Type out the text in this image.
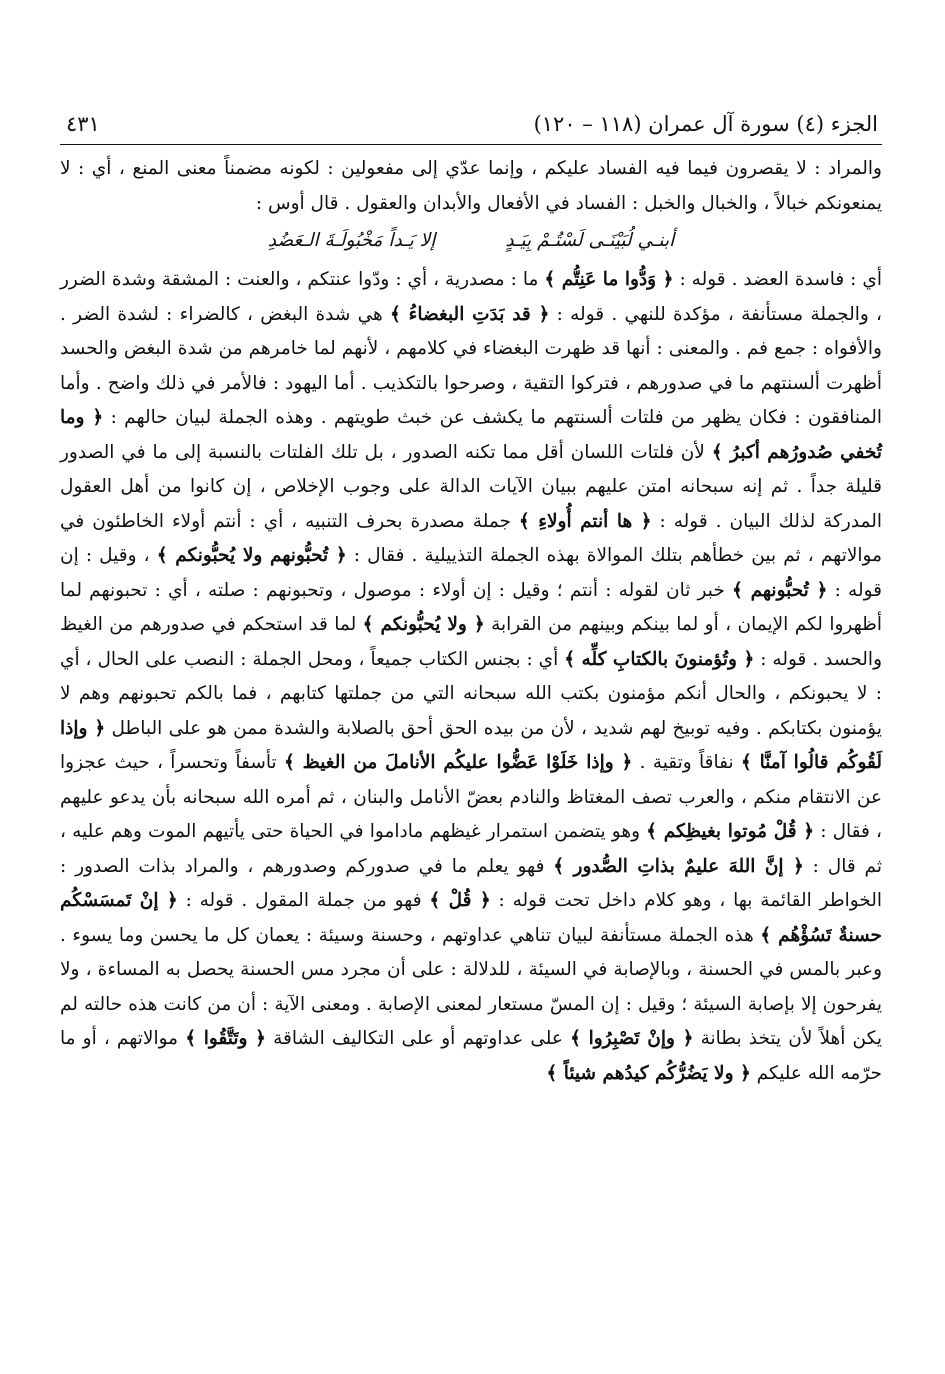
الجزء (٤) سورة آل عمران (١١٨ – ١٢٠)
٤٣١

والمراد : لا يقصرون فيما فيه الفساد عليكم ، وإنما عدّي إلى مفعولين : لكونه مضمناً معنى المنع ، أي : لا يمنعونكم خبالاً ، والخبال والخبل : الفساد في الأفعال والأبدان والعقول . قال أوس :

أبنـي لُبَيْنَـى لَسْتُـمْ بِيَـدٍ
إلا يَـداً مَخْبُولَـةَ الـعَضُدِ

أي : فاسدة العضد . قوله : ﴿ وَدُّوا ما عَنِتُّم ﴾ ما : مصدرية ، أي : ودّوا عنتكم ، والعنت : المشقة وشدة الضرر ، والجملة مستأنفة ، مؤكدة للنهي . قوله : ﴿ قد بَدَتِ البغضاءُ ﴾ هي شدة البغض ، كالضراء : لشدة الضر . والأفواه : جمع فم . والمعنى : أنها قد ظهرت البغضاء في كلامهم ، لأنهم لما خامرهم من شدة البغض والحسد أظهرت ألسنتهم ما في صدورهم ، فتركوا التقية ، وصرحوا بالتكذيب . أما اليهود : فالأمر في ذلك واضح . وأما المنافقون : فكان يظهر من فلتات ألسنتهم ما يكشف عن خبث طويتهم . وهذه الجملة لبيان حالهم : ﴿ وما تُخفي صُدورُهم أكبرُ ﴾ لأن فلتات اللسان أقل مما تكنه الصدور ، بل تلك الفلتات بالنسبة إلى ما في الصدور قليلة جداً . ثم إنه سبحانه امتن عليهم ببيان الآيات الدالة على وجوب الإخلاص ، إن كانوا من أهل العقول المدركة لذلك البيان . قوله : ﴿ ها أنتم أُولاءِ ﴾ جملة مصدرة بحرف التنبيه ، أي : أنتم أولاء الخاطئون في موالاتهم ، ثم بين خطأهم بتلك الموالاة بهذه الجملة التذييلية . فقال : ﴿ تُحبُّونهم ولا يُحبُّونكم ﴾ ، وقيل : إن قوله : ﴿ تُحبُّونهم ﴾ خبر ثان لقوله : أنتم ؛ وقيل : إن أولاء : موصول ، وتحبونهم : صلته ، أي : تحبونهم لما أظهروا لكم الإيمان ، أو لما بينكم وبينهم من القرابة ﴿ ولا يُحبُّونكم ﴾ لما قد استحكم في صدورهم من الغيظ والحسد . قوله : ﴿ وتُؤمنونَ بالكتابِ كلِّه ﴾ أي : بجنس الكتاب جميعاً ، ومحل الجملة : النصب على الحال ، أي : لا يحبونكم ، والحال أنكم مؤمنون بكتب الله سبحانه التي من جملتها كتابهم ، فما بالكم تحبونهم وهم لا يؤمنون بكتابكم . وفيه توبيخ لهم شديد ، لأن من بيده الحق أحق بالصلابة والشدة ممن هو على الباطل ﴿ وإذا لَقُوكُم قالُوا آمنَّا ﴾ نفاقاً وتقية . ﴿ وإذا خَلَوْا عَضُّوا عليكُم الأناملَ من الغيظ ﴾ تأسفاً وتحسراً ، حيث عجزوا عن الانتقام منكم ، والعرب تصف المغتاظ والنادم بعضّ الأنامل والبنان ، ثم أمره الله سبحانه بأن يدعو عليهم ، فقال : ﴿ قُلْ مُوتوا بغيظِكم ﴾ وهو يتضمن استمرار غيظهم ماداموا في الحياة حتى يأتيهم الموت وهم عليه ، ثم قال : ﴿ إنَّ اللهَ عليمٌ بذاتِ الصُّدور ﴾ فهو يعلم ما في صدوركم وصدورهم ، والمراد بذات الصدور : الخواطر القائمة بها ، وهو كلام داخل تحت قوله : ﴿ قُلْ ﴾ فهو من جملة المقول . قوله : ﴿ إنْ تَمسَسْكُم حسنةٌ تَسُؤْهُم ﴾ هذه الجملة مستأنفة لبيان تناهي عداوتهم ، وحسنة وسيئة : يعمان كل ما يحسن وما يسوء . وعبر بالمس في الحسنة ، وبالإصابة في السيئة ، للدلالة : على أن مجرد مس الحسنة يحصل به المساءة ، ولا يفرحون إلا بإصابة السيئة ؛ وقيل : إن المسّ مستعار لمعنى الإصابة . ومعنى الآية : أن من كانت هذه حالته لم يكن أهلاً لأن يتخذ بطانة ﴿ وإنْ تَصْبِرُوا ﴾ على عداوتهم أو على التكاليف الشاقة ﴿ وتَتَّقُوا ﴾ موالاتهم ، أو ما حرّمه الله عليكم ﴿ ولا يَضُرُّكُم كيدُهم شيئاً ﴾
